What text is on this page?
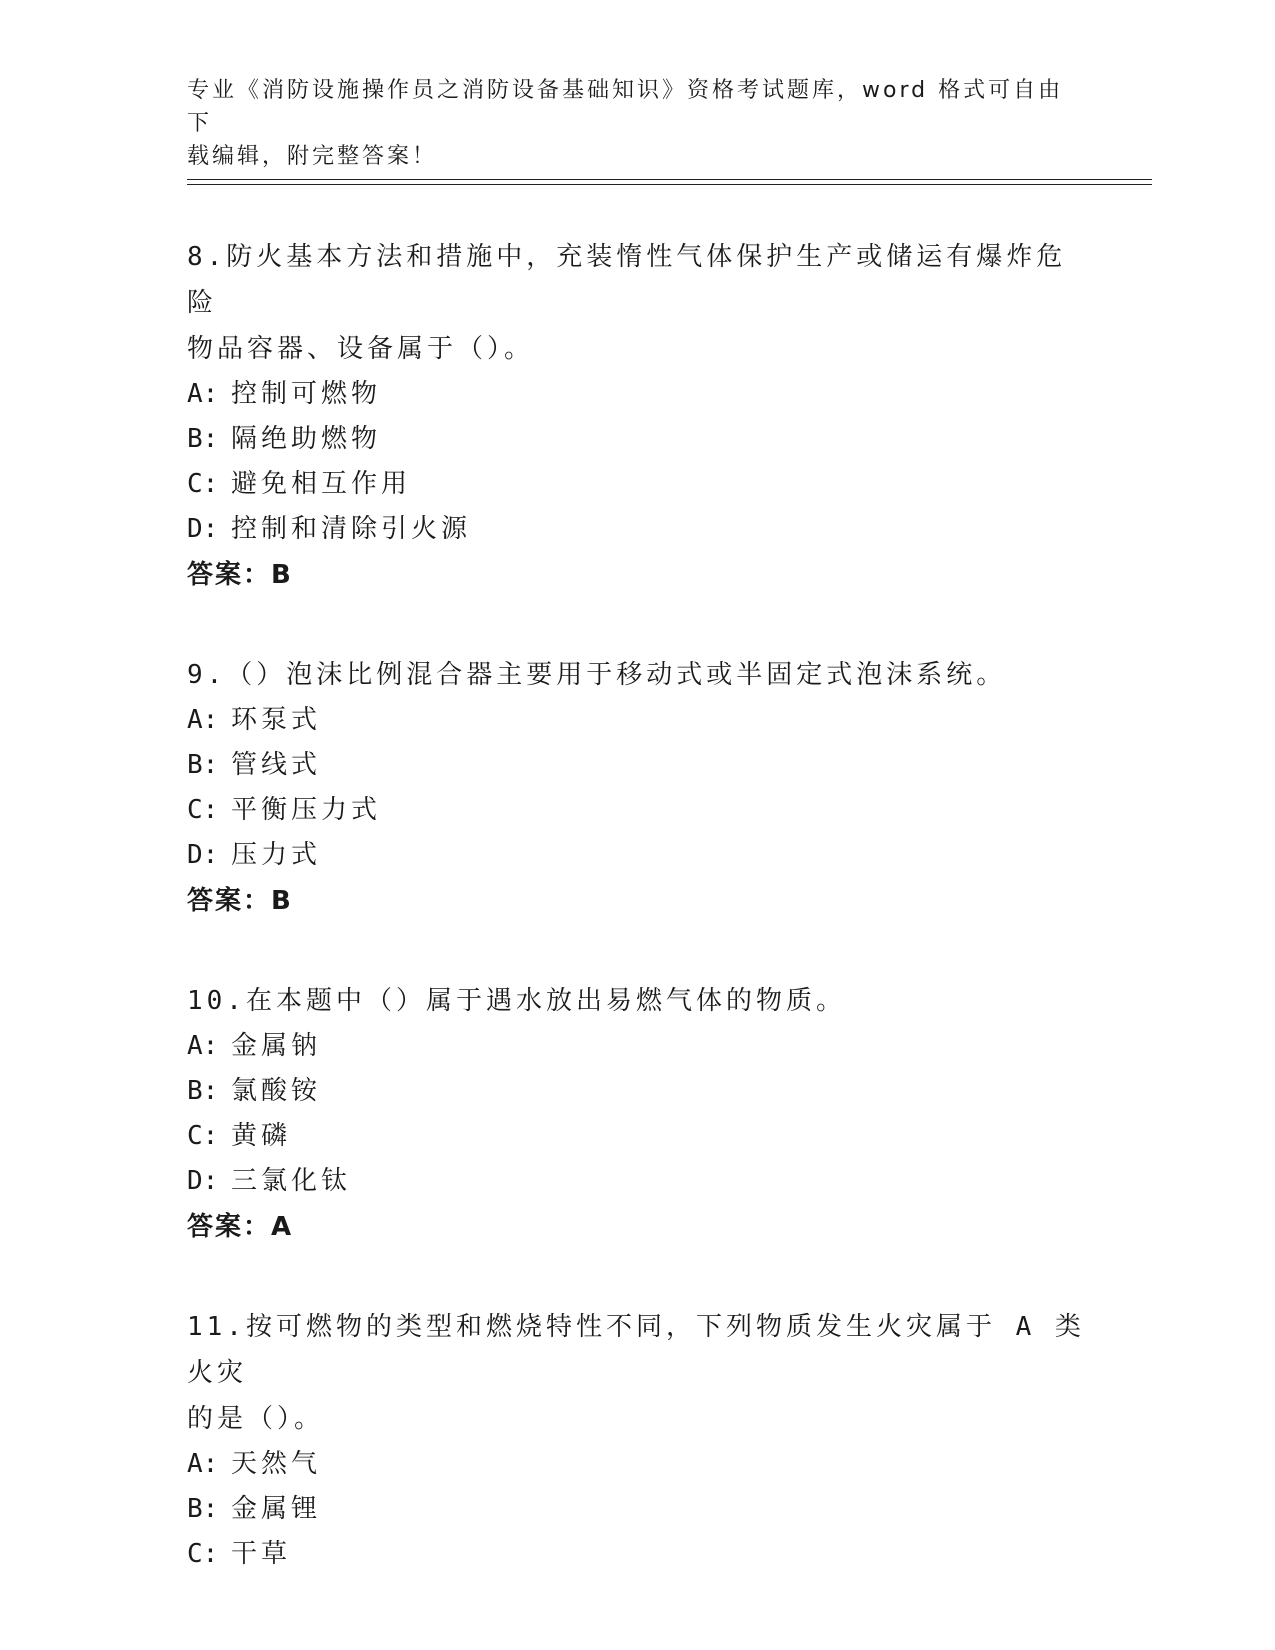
专业《消防设施操作员之消防设备基础知识》资格考试题库，word 格式可自由下
载编辑，附完整答案！
8.防火基本方法和措施中，充装惰性气体保护生产或储运有爆炸危险
物品容器、设备属于（）。
A: 控制可燃物
B: 隔绝助燃物
C: 避免相互作用
D: 控制和清除引火源
答案：B
9.（）泡沫比例混合器主要用于移动式或半固定式泡沫系统。
A: 环泵式
B: 管线式
C: 平衡压力式
D: 压力式
答案：B
10.在本题中（）属于遇水放出易燃气体的物质。
A: 金属钠
B: 氯酸铵
C: 黄磷
D: 三氯化钛
答案：A
11.按可燃物的类型和燃烧特性不同，下列物质发生火灾属于 A 类火灾
的是（）。
A: 天然气
B: 金属锂
C: 干草
